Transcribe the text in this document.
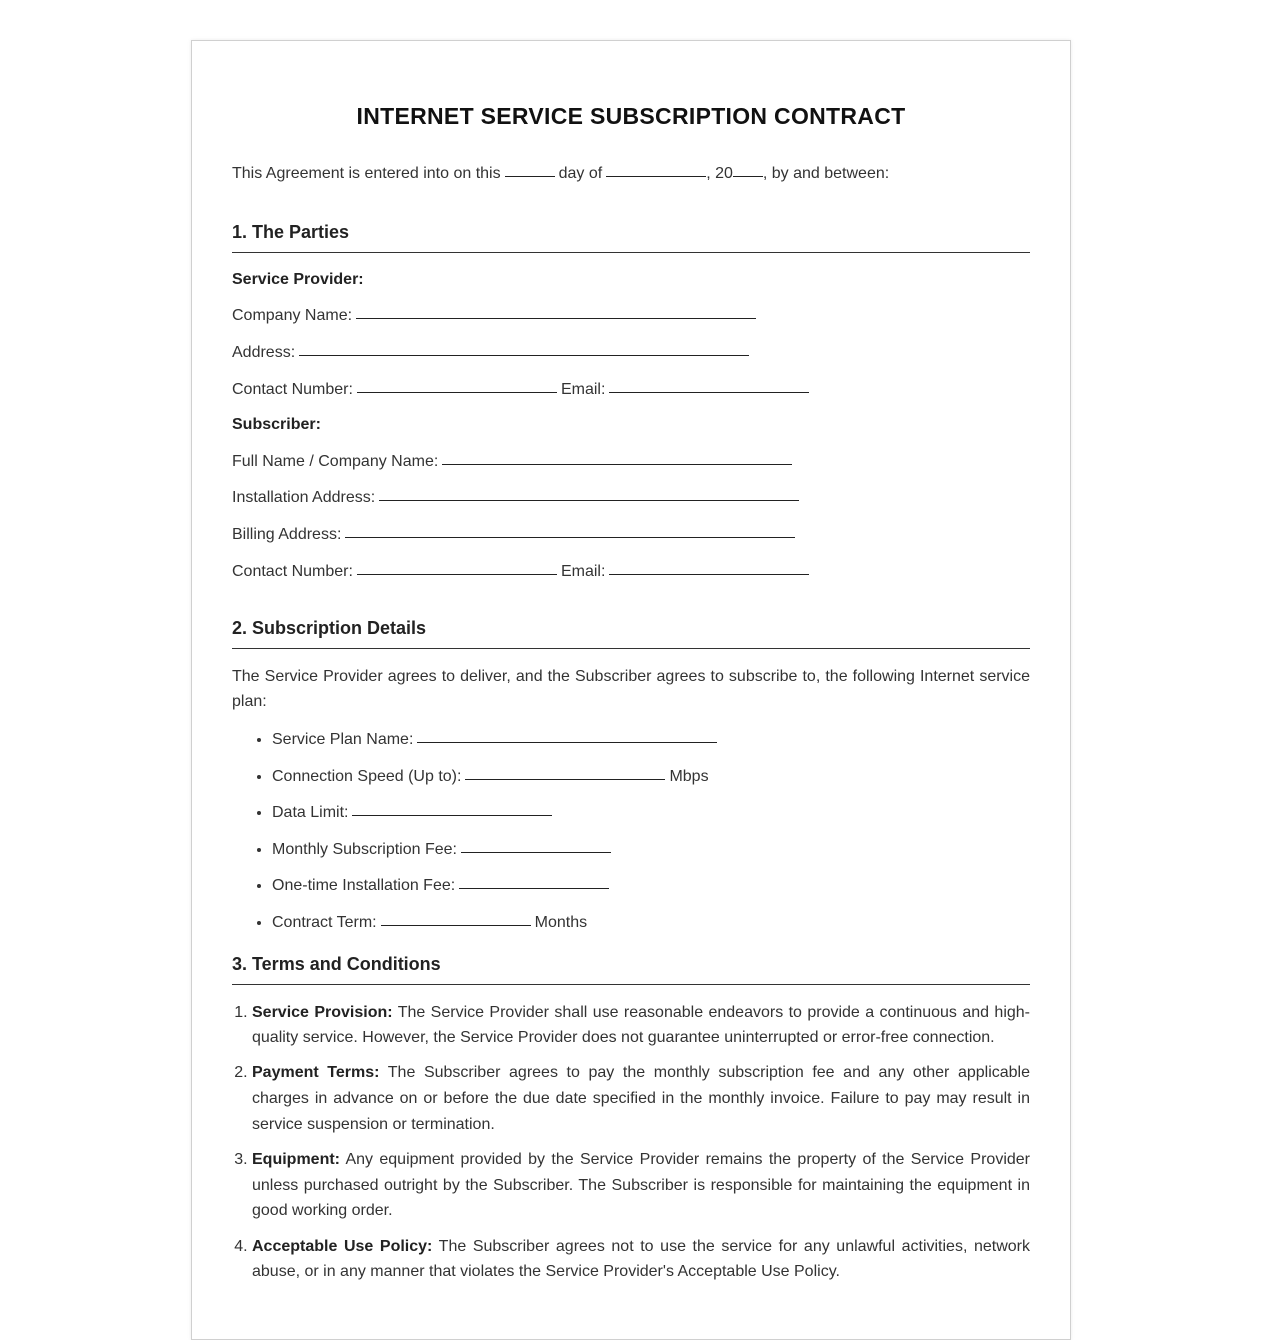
INTERNET SERVICE SUBSCRIPTION CONTRACT
This Agreement is entered into on this	day of	, 20 , by and between:
1. The Parties
Service Provider:
Company Name:
Address:
Contact Number:	Email:
Subscriber:
Full Name / Company Name:
Installation Address:
Billing Address:
Contact Number:	Email:
2. Subscription Details
The Service Provider agrees to deliver, and the Subscriber agrees to subscribe to, the following Internet service plan:
• Service Plan Name:
• Connection Speed (Up to):	Mbps
• Data Limit:
• Monthly Subscription Fee:
• One-time Installation Fee:
• Contract Term:	Months
3. Terms and Conditions
1. Service Provision: The Service Provider shall use reasonable endeavors to provide a continuous and high-quality service. However, the Service Provider does not guarantee uninterrupted or error-free connection.
2. Payment Terms: The Subscriber agrees to pay the monthly subscription fee and any other applicable charges in advance on or before the due date specified in the monthly invoice. Failure to pay may result in service suspension or termination.
3. Equipment: Any equipment provided by the Service Provider remains the property of the Service Provider unless purchased outright by the Subscriber. The Subscriber is responsible for maintaining the equipment in good working order.
4. Acceptable Use Policy: The Subscriber agrees not to use the service for any unlawful activities, network abuse, or in any manner that violates the Service Provider's Acceptable Use Policy.
